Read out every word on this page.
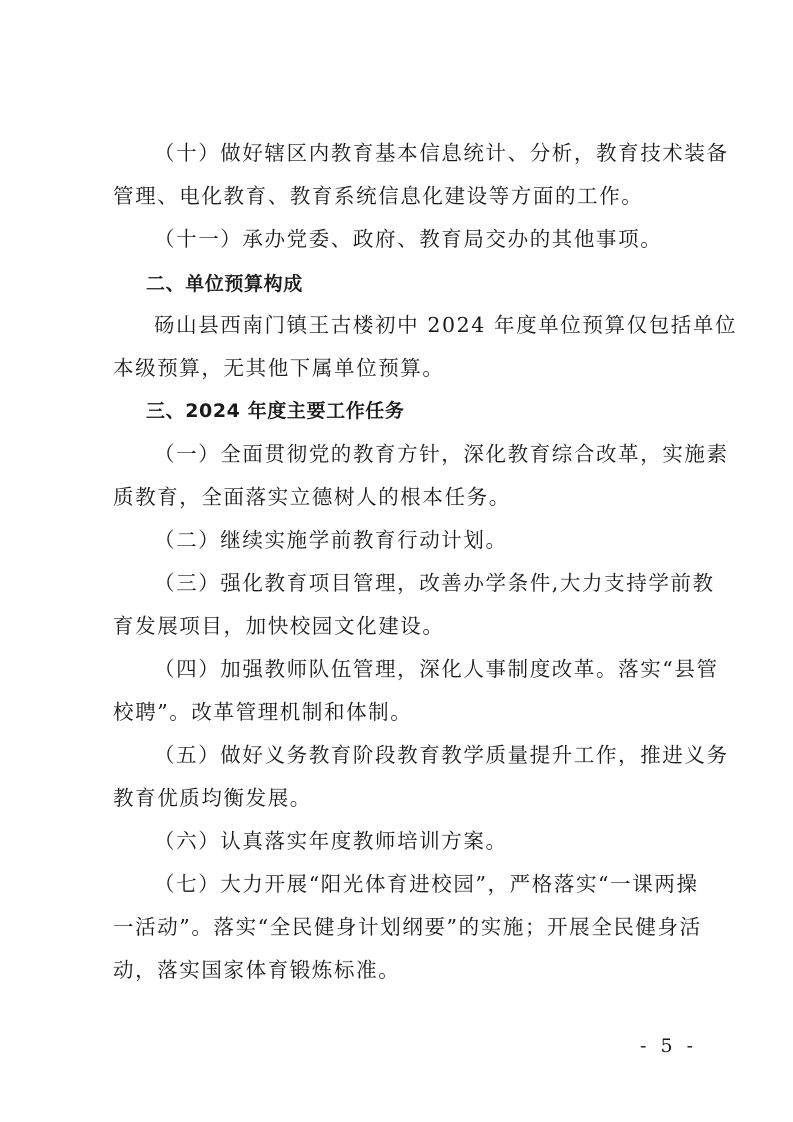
（十）做好辖区内教育基本信息统计、分析，教育技术装备
管理、电化教育、教育系统信息化建设等方面的工作。
（十一）承办党委、政府、教育局交办的其他事项。
二、单位预算构成
砀山县西南门镇王古楼初中 2024 年度单位预算仅包括单位
本级预算，无其他下属单位预算。
三、2024 年度主要工作任务
（一）全面贯彻党的教育方针，深化教育综合改革，实施素
质教育，全面落实立德树人的根本任务。
（二）继续实施学前教育行动计划。
（三）强化教育项目管理，改善办学条件,大力支持学前教
育发展项目，加快校园文化建设。
（四）加强教师队伍管理，深化人事制度改革。落实“县管
校聘”。改革管理机制和体制。
（五）做好义务教育阶段教育教学质量提升工作，推进义务
教育优质均衡发展。
（六）认真落实年度教师培训方案。
（七）大力开展“阳光体育进校园”，严格落实“一课两操
一活动”。落实“全民健身计划纲要”的实施；开展全民健身活
动，落实国家体育锻炼标准。
- 5 -
